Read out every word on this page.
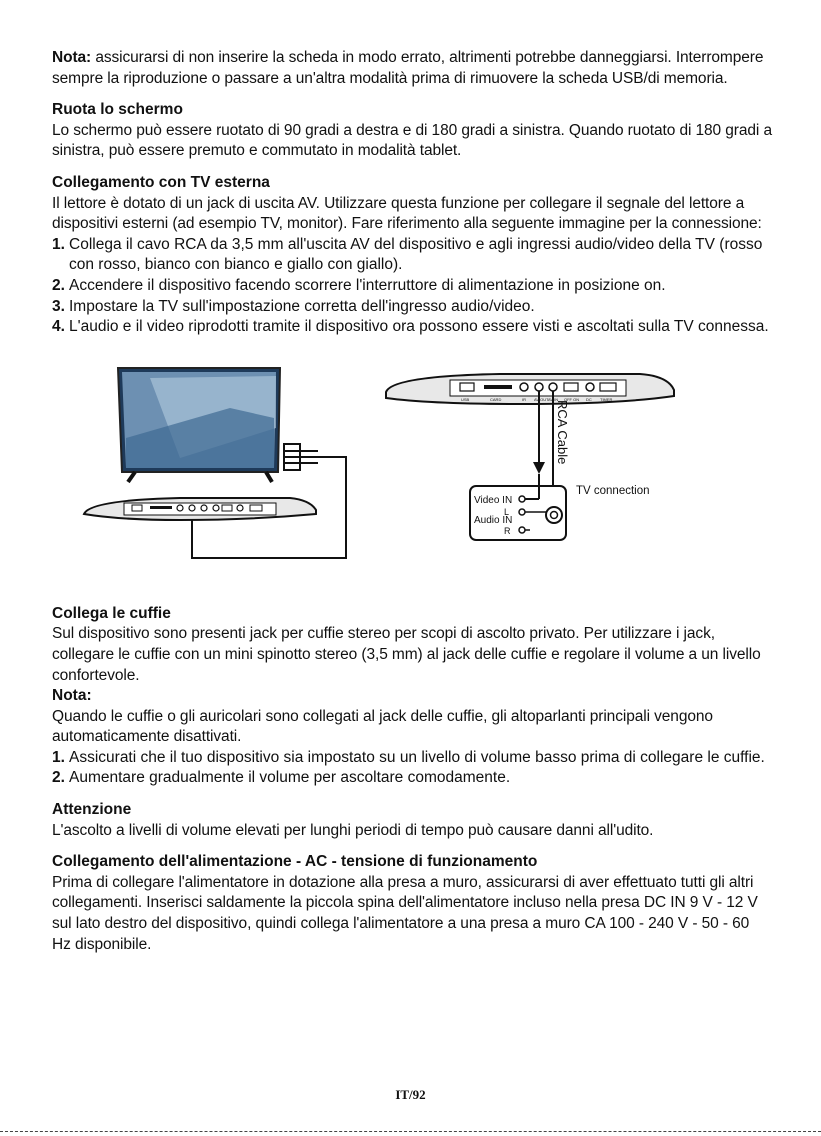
Nota: assicurarsi di non inserire la scheda in modo errato, altrimenti potrebbe danneggiarsi. Interrompere sempre la riproduzione o passare a un'altra modalità prima di rimuovere la scheda USB/di memoria.

Ruota lo schermo

Lo schermo può essere ruotato di 90 gradi a destra e di 180 gradi a sinistra. Quando ruotato di 180 gradi a sinistra, può essere premuto e commutato in modalità tablet.

Collegamento con TV esterna

Il lettore è dotato di un jack di uscita AV. Utilizzare questa funzione per collegare il segnale del lettore a dispositivi esterni (ad esempio TV, monitor). Fare riferimento alla seguente immagine per la connessione:

1. Collega il cavo RCA da 3,5 mm all'uscita AV del dispositivo e agli ingressi audio/video della TV (rosso con rosso, bianco con bianco e giallo con giallo).
2. Accendere il dispositivo facendo scorrere l'interruttore di alimentazione in posizione on.
3. Impostare la TV sull'impostazione corretta dell'ingresso audio/video.
4. L'audio e il video riprodotti tramite il dispositivo ora possono essere visti e ascoltati sulla TV connessa.
USB	CARD	IR AV OUT AV IN OFF ON DC TIMER
RCA Cable
Video IN
L
Audio IN
R
TV connection
Collega le cuffie

Sul dispositivo sono presenti jack per cuffie stereo per scopi di ascolto privato. Per utilizzare i jack, collegare le cuffie con un mini spinotto stereo (3,5 mm) al jack delle cuffie e regolare il volume a un livello confortevole.

Nota:

Quando le cuffie o gli auricolari sono collegati al jack delle cuffie, gli altoparlanti principali vengono automaticamente disattivati.

1. Assicurati che il tuo dispositivo sia impostato su un livello di volume basso prima di collegare le cuffie.
2. Aumentare gradualmente il volume per ascoltare comodamente.
Attenzione

L'ascolto a livelli di volume elevati per lunghi periodi di tempo può causare danni all'udito.

Collegamento dell'alimentazione - AC - tensione di funzionamento

Prima di collegare l'alimentatore in dotazione alla presa a muro, assicurarsi di aver effettuato tutti gli altri collegamenti. Inserisci saldamente la piccola spina dell'alimentatore incluso nella presa DC IN 9 V - 12 V sul lato destro del dispositivo, quindi collega l'alimentatore a una presa a muro CA 100 - 240 V - 50 - 60 Hz disponibile.

IT/92
